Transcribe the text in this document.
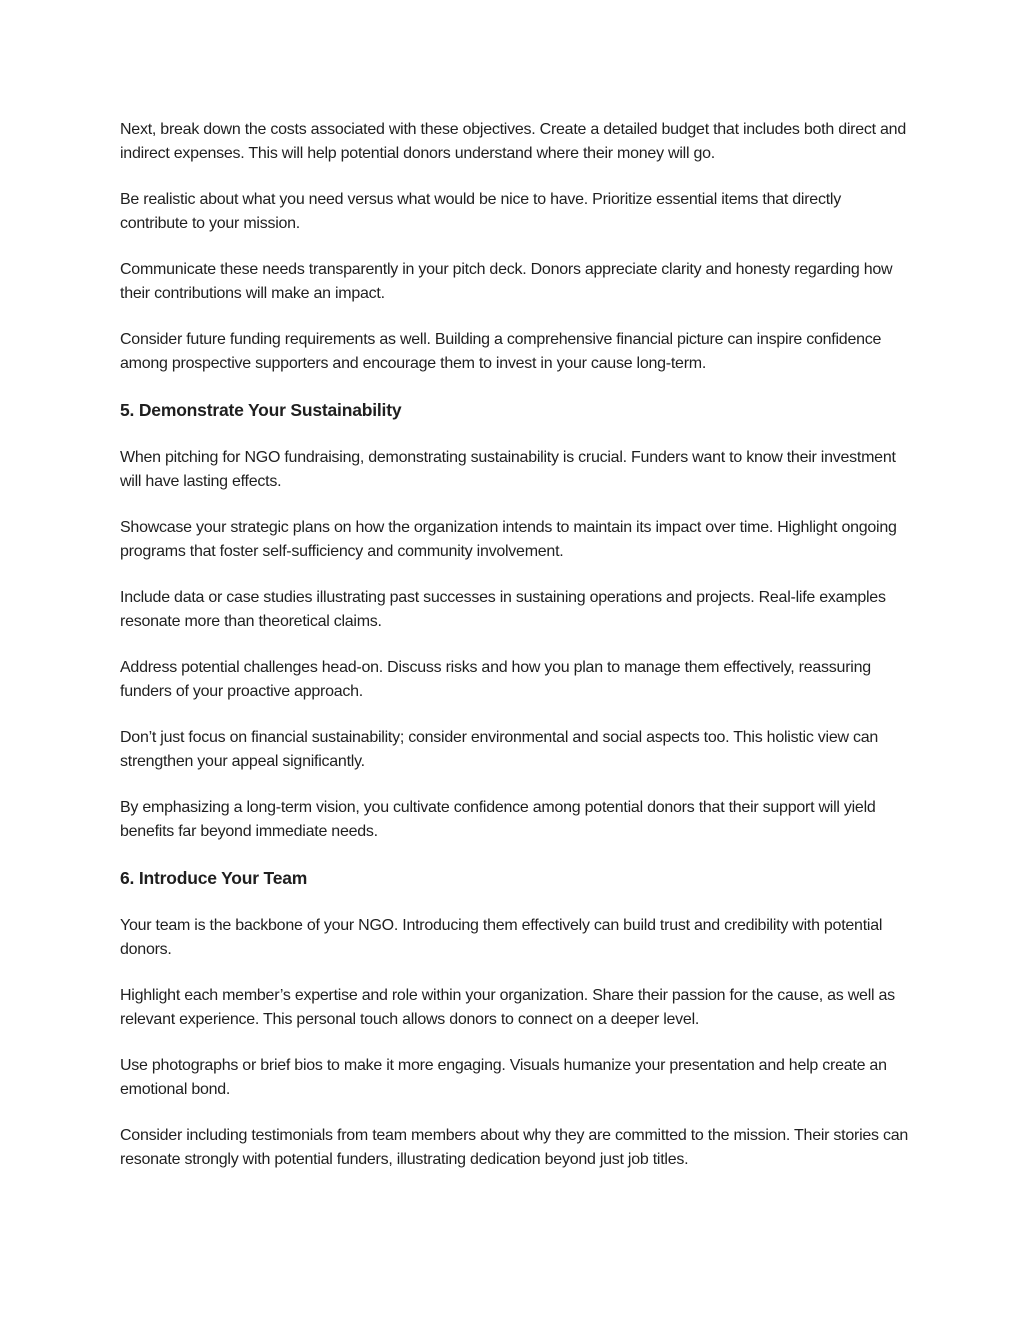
Next, break down the costs associated with these objectives. Create a detailed budget that includes both direct and indirect expenses. This will help potential donors understand where their money will go.

Be realistic about what you need versus what would be nice to have. Prioritize essential items that directly contribute to your mission.

Communicate these needs transparently in your pitch deck. Donors appreciate clarity and honesty regarding how their contributions will make an impact.

Consider future funding requirements as well. Building a comprehensive financial picture can inspire confidence among prospective supporters and encourage them to invest in your cause long-term.

5. Demonstrate Your Sustainability

When pitching for NGO fundraising, demonstrating sustainability is crucial. Funders want to know their investment will have lasting effects.

Showcase your strategic plans on how the organization intends to maintain its impact over time. Highlight ongoing programs that foster self-sufficiency and community involvement.

Include data or case studies illustrating past successes in sustaining operations and projects. Real-life examples resonate more than theoretical claims.

Address potential challenges head-on. Discuss risks and how you plan to manage them effectively, reassuring funders of your proactive approach.

Don’t just focus on financial sustainability; consider environmental and social aspects too. This holistic view can strengthen your appeal significantly.

By emphasizing a long-term vision, you cultivate confidence among potential donors that their support will yield benefits far beyond immediate needs.

6. Introduce Your Team

Your team is the backbone of your NGO. Introducing them effectively can build trust and credibility with potential donors.

Highlight each member’s expertise and role within your organization. Share their passion for the cause, as well as relevant experience. This personal touch allows donors to connect on a deeper level.

Use photographs or brief bios to make it more engaging. Visuals humanize your presentation and help create an emotional bond.

Consider including testimonials from team members about why they are committed to the mission. Their stories can resonate strongly with potential funders, illustrating dedication beyond just job titles.
